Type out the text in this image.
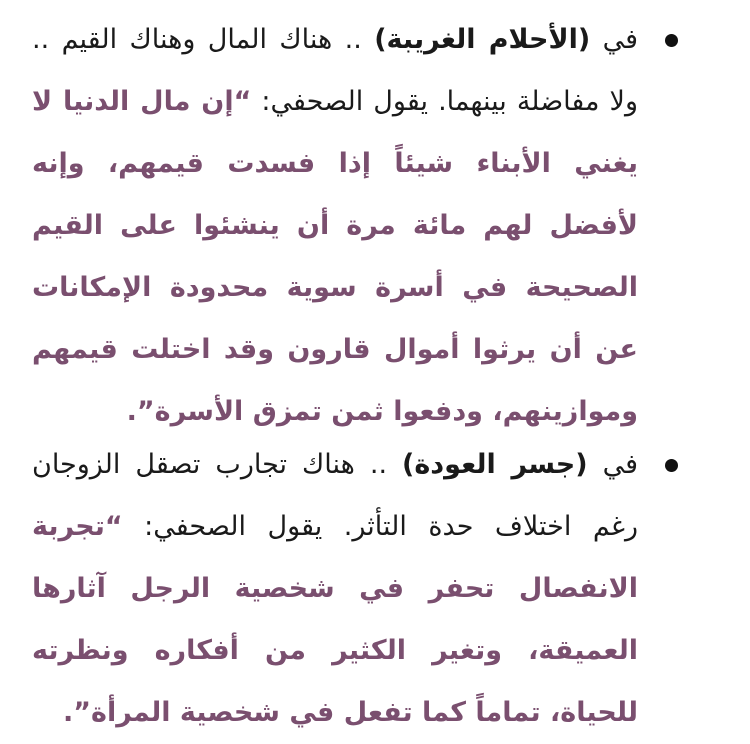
في (الأحلام الغريبة) .. هناك المال وهناك القيم .. ولا مفاضلة بينهما. يقول الصحفي: “إن مال الدنيا لا يغني الأبناء شيئاً إذا فسدت قيمهم، وإنه لأفضل لهم مائة مرة أن ينشئوا على القيم الصحيحة في أسرة سوية محدودة الإمكانات عن أن يرثوا أموال قارون وقد اختلت قيمهم وموازينهم، ودفعوا ثمن تمزق الأسرة”.
في (جسر العودة) .. هناك تجارب تصقل الزوجان رغم اختلاف حدة التأثر. يقول الصحفي: “تجربة الانفصال تحفر في شخصية الرجل آثارها العميقة، وتغير الكثير من أفكاره ونظرته للحياة، تماماً كما تفعل في شخصية المرأة”.
